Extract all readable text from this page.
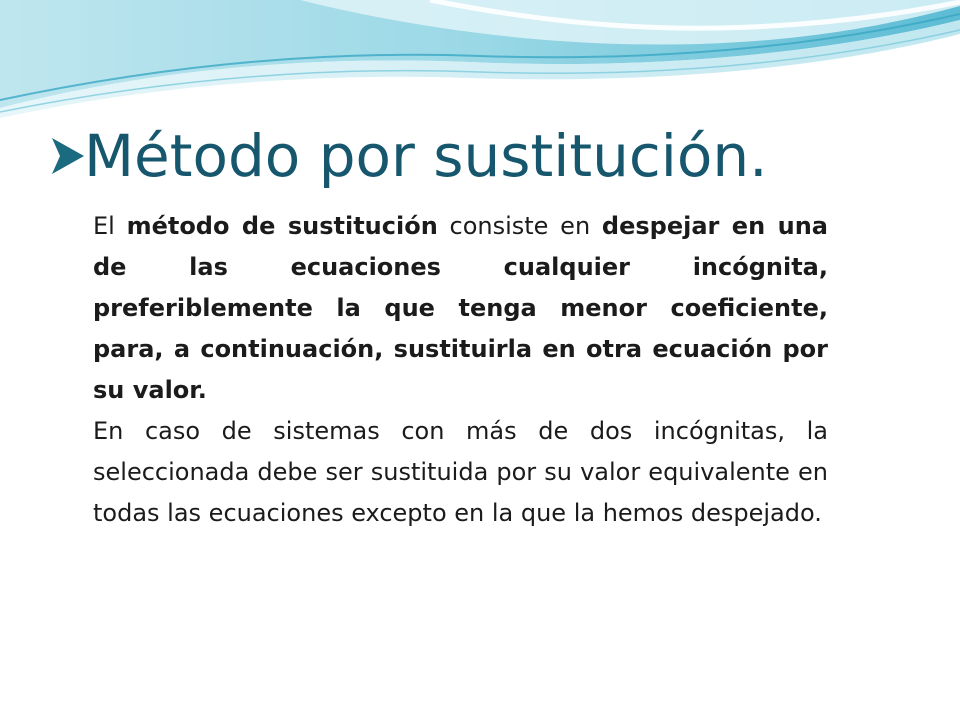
Método por sustitución.

El método de sustitución consiste en despejar en una de las ecuaciones cualquier incógnita, preferiblemente la que tenga menor coeficiente, para, a continuación, sustituirla en otra ecuación por su valor.

En caso de sistemas con más de dos incógnitas, la seleccionada debe ser sustituida por su valor equivalente en todas las ecuaciones excepto en la que la hemos despejado.
